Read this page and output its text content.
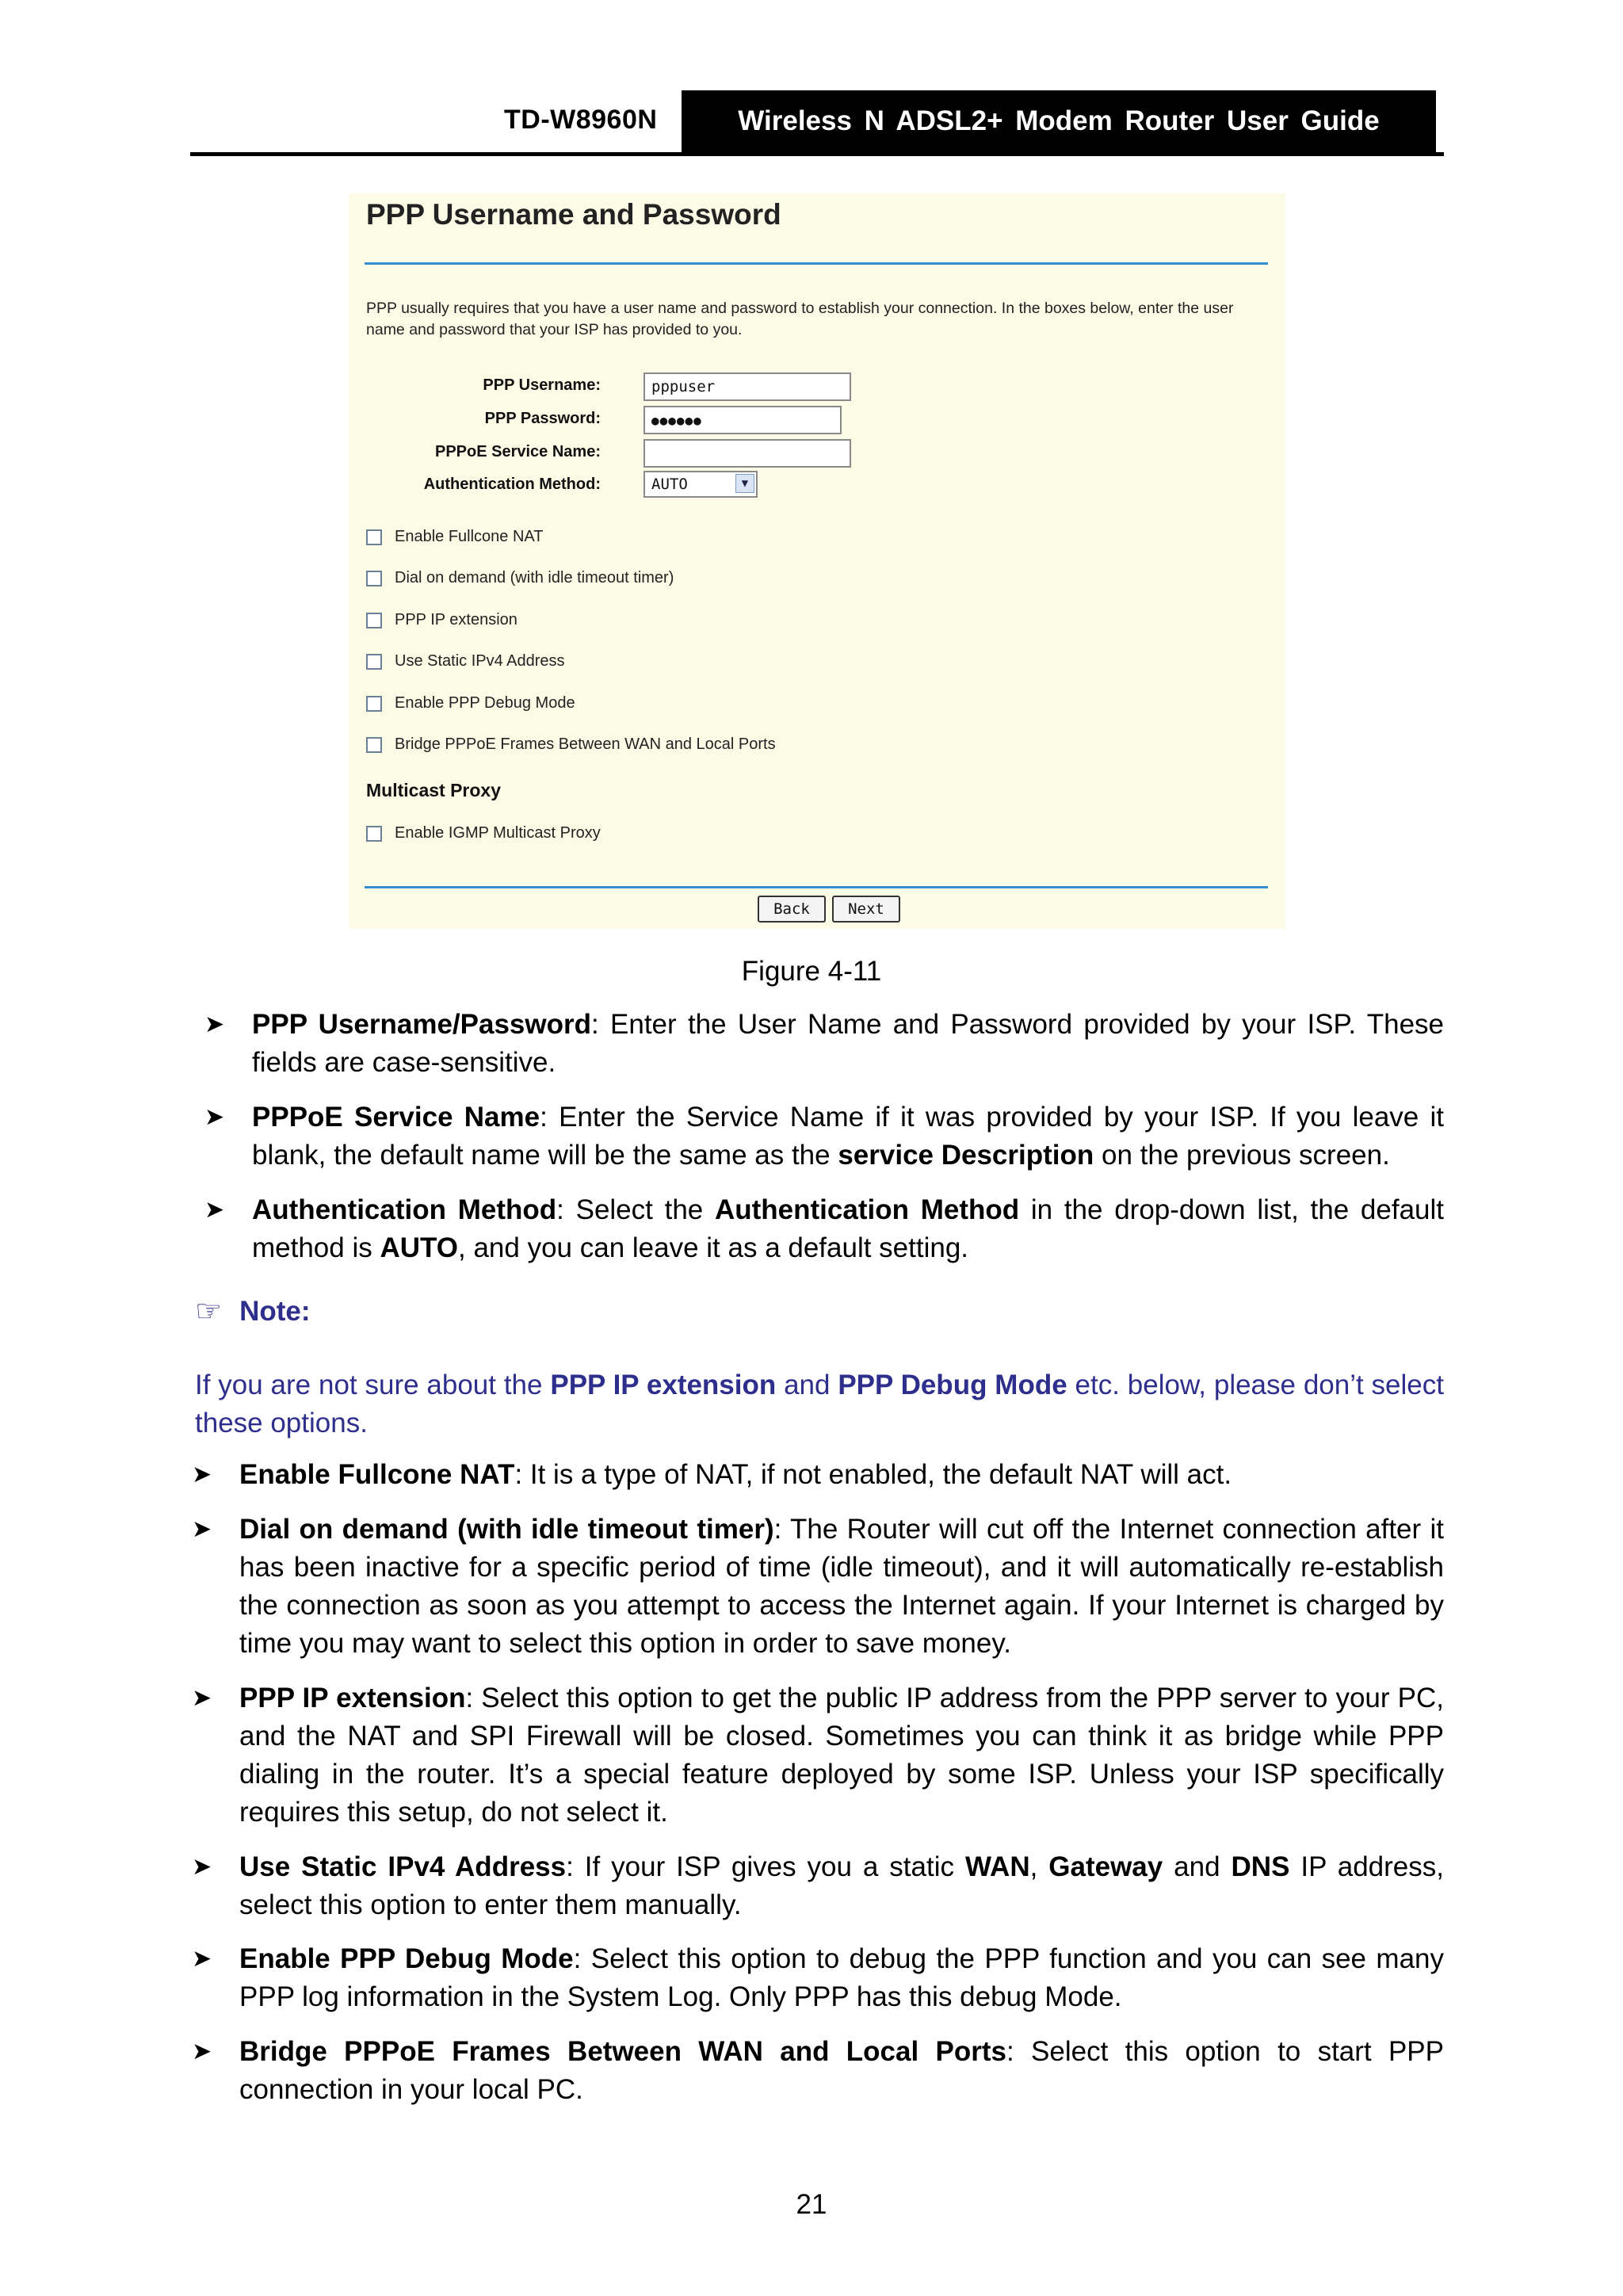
TD-W8960N	Wireless N ADSL2+ Modem Router User Guide
PPP Username and Password
PPP usually requires that you have a user name and password to establish your connection. In the boxes below, enter the user name and password that your ISP has provided to you.
PPP Username:	pppuser
PPP Password:	●●●●●●
PPPoE Service Name:
Authentication Method:	AUTO	▼
Enable Fullcone NAT
Dial on demand (with idle timeout timer)
PPP IP extension
Use Static IPv4 Address
Enable PPP Debug Mode
Bridge PPPoE Frames Between WAN and Local Ports
Multicast Proxy
Enable IGMP Multicast Proxy
Back	Next
Figure 4-11
➤ PPP Username/Password: Enter the User Name and Password provided by your ISP. These fields are case-sensitive.
➤ PPPoE Service Name: Enter the Service Name if it was provided by your ISP. If you leave it blank, the default name will be the same as the service Description on the previous screen.
➤ Authentication Method: Select the Authentication Method in the drop-down list, the default method is AUTO, and you can leave it as a default setting.
☞ Note:
If you are not sure about the PPP IP extension and PPP Debug Mode etc. below, please don’t select these options.
➤ Enable Fullcone NAT: It is a type of NAT, if not enabled, the default NAT will act.
➤ Dial on demand (with idle timeout timer): The Router will cut off the Internet connection after it has been inactive for a specific period of time (idle timeout), and it will automatically re-establish the connection as soon as you attempt to access the Internet again. If your Internet is charged by time you may want to select this option in order to save money.
➤ PPP IP extension: Select this option to get the public IP address from the PPP server to your PC, and the NAT and SPI Firewall will be closed. Sometimes you can think it as bridge while PPP dialing in the router. It’s a special feature deployed by some ISP. Unless your ISP specifically requires this setup, do not select it.
➤ Use Static IPv4 Address: If your ISP gives you a static WAN, Gateway and DNS IP address, select this option to enter them manually.
➤ Enable PPP Debug Mode: Select this option to debug the PPP function and you can see many PPP log information in the System Log. Only PPP has this debug Mode.
➤ Bridge PPPoE Frames Between WAN and Local Ports: Select this option to start PPP connection in your local PC.
21
